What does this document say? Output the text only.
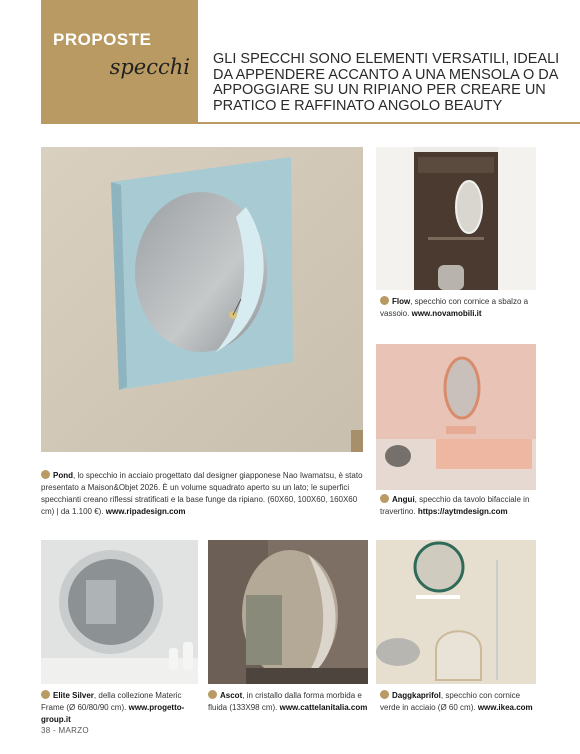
PROPOSTE
specchi GLI SPECCHI SONO ELEMENTI VERSATILI, IDEALI DA APPENDERE ACCANTO A UNA MENSOLA O DA APPOGGIARE SU UN RIPIANO PER CREARE UN PRATICO E RAFFINATO ANGOLO BEAUTY
Flow, specchio con cornice a sbalzo a vassoio. www.novamobili.it
Angui, specchio da tavolo bifacciale in travertino. https://aytmdesign.com
Pond, lo specchio in acciaio progettato dal designer giapponese Nao Iwamatsu, è stato presentato a Maison&Objet 2026. È un volume squadrato aperto su un lato; le superfici specchianti creano riflessi stratificati e la base funge da ripiano. (60X60, 100X60, 160X60 cm) | da 1.100 €). www.ripadesign.com
Elite Silver, della collezione Materic Frame (Ø 60/80/90 cm). www.progetto-group.it
Ascot, in cristallo dalla forma morbida e fluida (133X98 cm). www.cattelanitalia.com
Daggkaprifol, specchio con cornice verde in acciaio (Ø 60 cm). www.ikea.com
38 - MARZO
